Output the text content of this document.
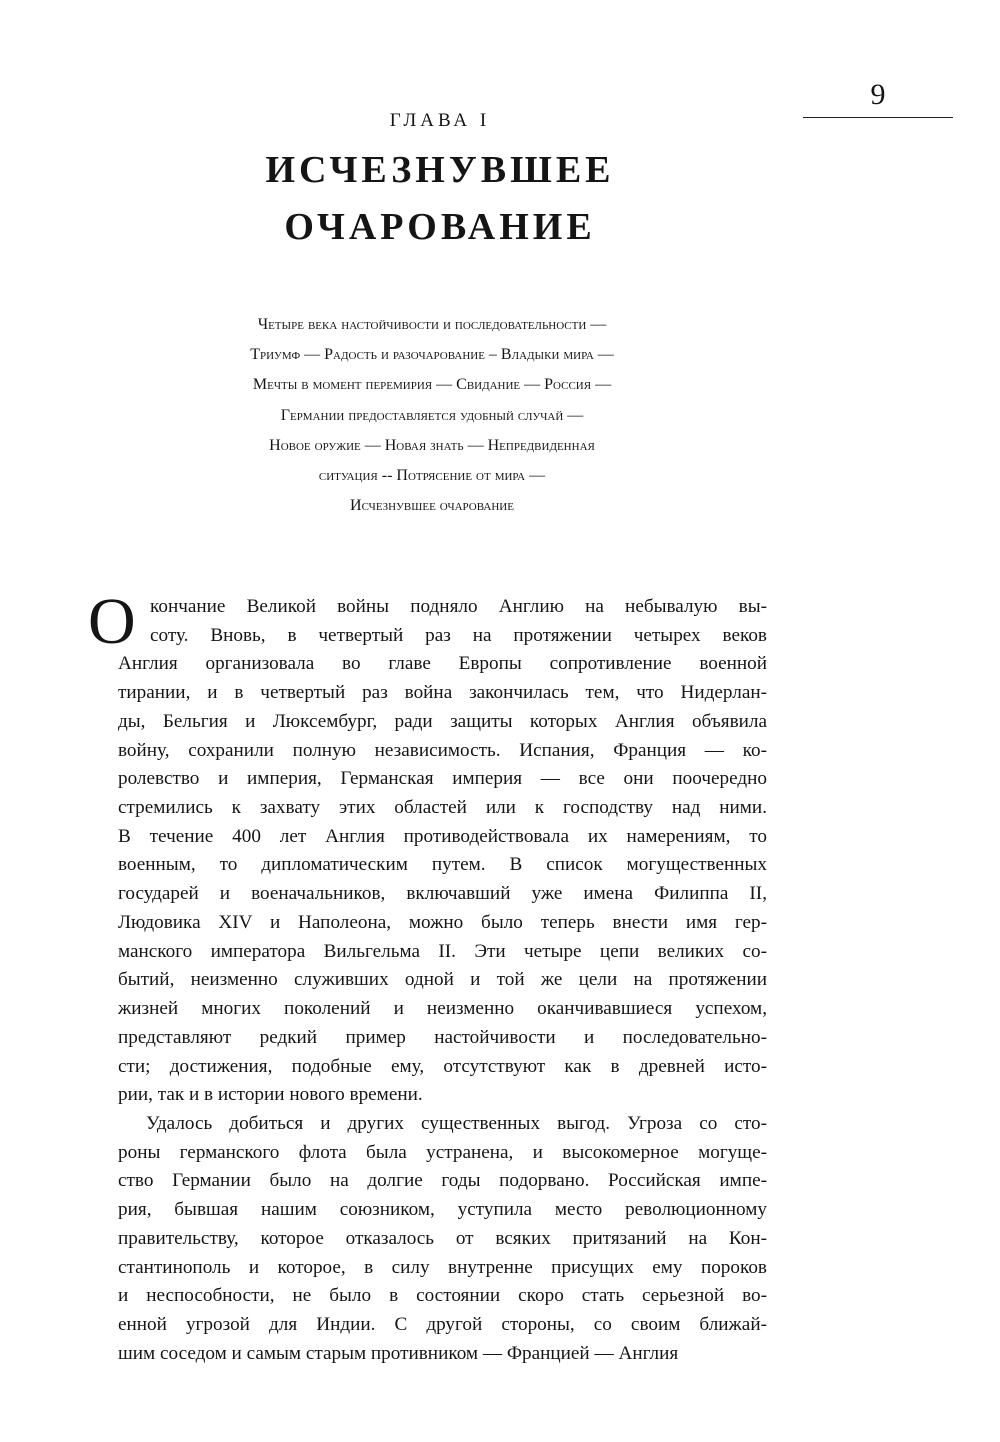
9
ГЛАВА I
ИСЧЕЗНУВШЕЕ
ОЧАРОВАНИЕ
Четыре века настойчивости и последовательности —
Триумф — Радость и разочарование – Владыки мира —
Мечты в момент перемирия — Свидание — Россия —
Германии предоставляется удобный случай —
Новое оружие — Новая знать — Непредвиденная
ситуация -- Потрясение от мира —
Исчезнувшее очарование
кончание Великой войны подняло Англию на небывалую вы-
соту. Вновь, в четвертый раз на протяжении четырех веков
Англия организовала во главе Европы сопротивление военной
тирании, и в четвертый раз война закончилась тем, что Нидерлан-
ды, Бельгия и Люксембург, ради защиты которых Англия объявила
войну, сохранили полную независимость. Испания, Франция — ко-
ролевство и империя, Германская империя — все они поочередно
стремились к захвату этих областей или к господству над ними.
В течение 400 лет Англия противодействовала их намерениям, то
военным, то дипломатическим путем. В список могущественных
государей и военачальников, включавший уже имена Филиппа II,
Людовика XIV и Наполеона, можно было теперь внести имя гер-
манского императора Вильгельма II. Эти четыре цепи великих со-
бытий, неизменно служивших одной и той же цели на протяжении
жизней многих поколений и неизменно оканчивавшиеся успехом,
представляют редкий пример настойчивости и последовательно-
сти; достижения, подобные ему, отсутствуют как в древней исто-
рии, так и в истории нового времени.
Удалось добиться и других существенных выгод. Угроза со сто-
роны германского флота была устранена, и высокомерное могуще-
ство Германии было на долгие годы подорвано. Российская импе-
рия, бывшая нашим союзником, уступила место революционному
правительству, которое отказалось от всяких притязаний на Кон-
стантинополь и которое, в силу внутренне присущих ему пороков
и неспособности, не было в состоянии скоро стать серьезной во-
енной угрозой для Индии. С другой стороны, со своим ближай-
шим соседом и самым старым противником — Францией — Англия
О
